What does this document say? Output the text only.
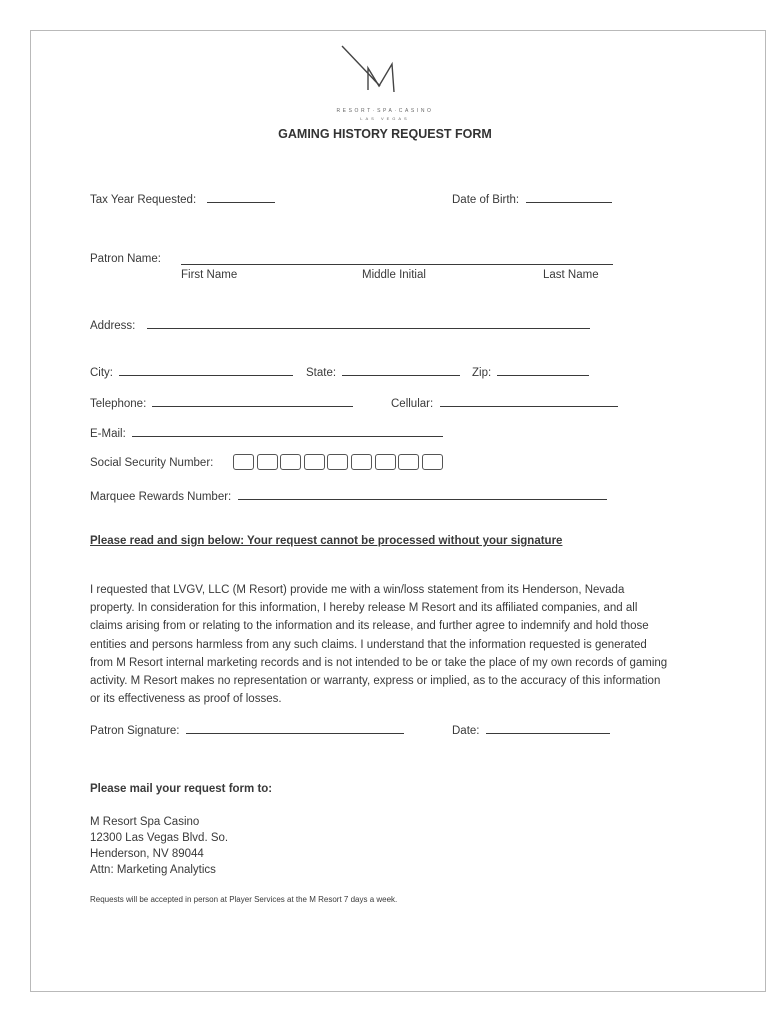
RESORT·SPA·CASINO
LAS VEGAS
GAMING HISTORY REQUEST FORM
Tax Year Requested:	Date of Birth:
Patron Name:
First Name	Middle Initial	Last Name
Address:
City:	State:	Zip:
Telephone:	Cellular:
E-Mail:
Social Security Number:
Marquee Rewards Number:
Please read and sign below: Your request cannot be processed without your signature
I requested that LVGV, LLC (M Resort) provide me with a win/loss statement from its Henderson, Nevada
property. In consideration for this information, I hereby release M Resort and its affiliated companies, and all
claims arising from or relating to the information and its release, and further agree to indemnify and hold those
entities and persons harmless from any such claims. I understand that the information requested is generated
from M Resort internal marketing records and is not intended to be or take the place of my own records of gaming
activity. M Resort makes no representation or warranty, express or implied, as to the accuracy of this information
or its effectiveness as proof of losses.
Patron Signature:	Date:
Please mail your request form to:
M Resort Spa Casino
12300 Las Vegas Blvd. So.
Henderson, NV 89044
Attn: Marketing Analytics
Requests will be accepted in person at Player Services at the M Resort 7 days a week.
